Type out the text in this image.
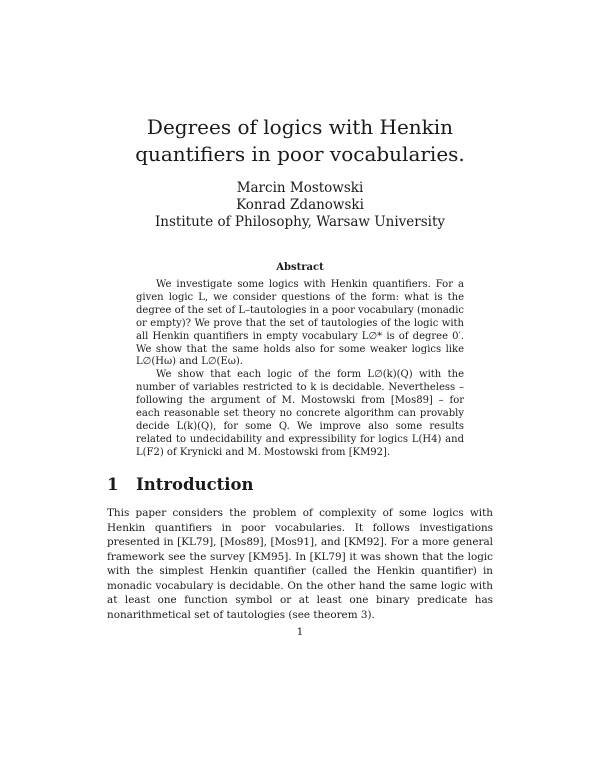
Degrees of logics with Henkin quantifiers in poor vocabularies.
Marcin Mostowski
Konrad Zdanowski
Institute of Philosophy, Warsaw University
Abstract

We investigate some logics with Henkin quantifiers. For a given logic L, we consider questions of the form: what is the degree of the set of L–tautologies in a poor vocabulary (monadic or empty)? We prove that the set of tautologies of the logic with all Henkin quantifiers in empty vocabulary L∅* is of degree 0′. We show that the same holds also for some weaker logics like L∅(Hω) and L∅(Eω).

We show that each logic of the form L∅(k)(Q) with the number of variables restricted to k is decidable. Nevertheless – following the argument of M. Mostowski from [Mos89] – for each reasonable set theory no concrete algorithm can provably decide L(k)(Q), for some Q. We improve also some results related to undecidability and expressibility for logics L(H4) and L(F2) of Krynicki and M. Mostowski from [KM92].

1 Introduction

This paper considers the problem of complexity of some logics with Henkin quantifiers in poor vocabularies. It follows investigations presented in [KL79], [Mos89], [Mos91], and [KM92]. For a more general framework see the survey [KM95]. In [KL79] it was shown that the logic with the simplest Henkin quantifier (called the Henkin quantifier) in monadic vocabulary is decidable. On the other hand the same logic with at least one function symbol or at least one binary predicate has nonarithmetical set of tautologies (see theorem 3).

1
